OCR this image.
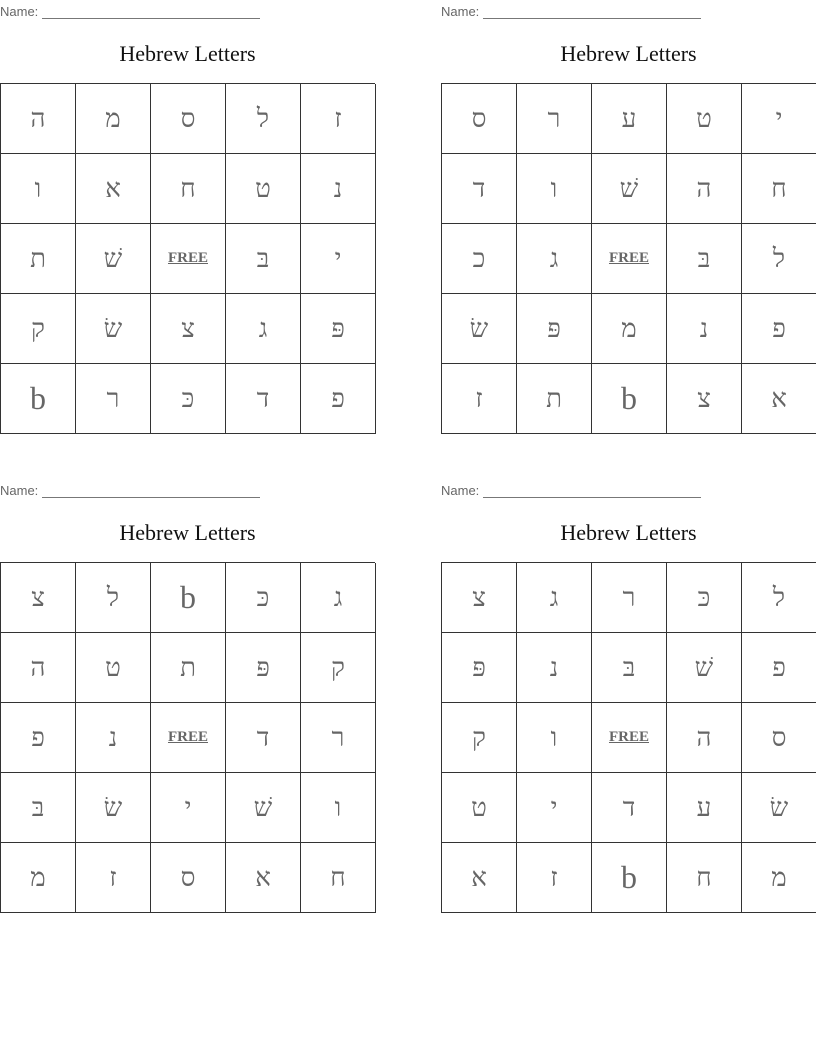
Name:
Hebrew Letters
ה	מ	ס	ל	ז
ו	א	ח	ט	נ
ת	שׁ	FREE	בּ	י
ק	שׂ	צ	ג	פּ
b	ר	כּ	ד	פ
Name:
Hebrew Letters
ס	ר	ע	ט	י
ד	ו	שׁ	ה	ח
כ	ג	FREE	בּ	ל
שׂ	פּ	מ	נ	פ
ז	ת	b	צ	א
Name:
Hebrew Letters
צ	ל	b	כּ	ג
ה	ט	ת	פּ	ק
פ	נ	FREE	ד	ר
בּ	שׂ	י	שׁ	ו
מ	ז	ס	א	ח
Name:
Hebrew Letters
צ	ג	ר	כּ	ל
פּ	נ	בּ	שׁ	פ
ק	ו	FREE	ה	ס
ט	י	ד	ע	שׂ
א	ז	b	ח	מ
